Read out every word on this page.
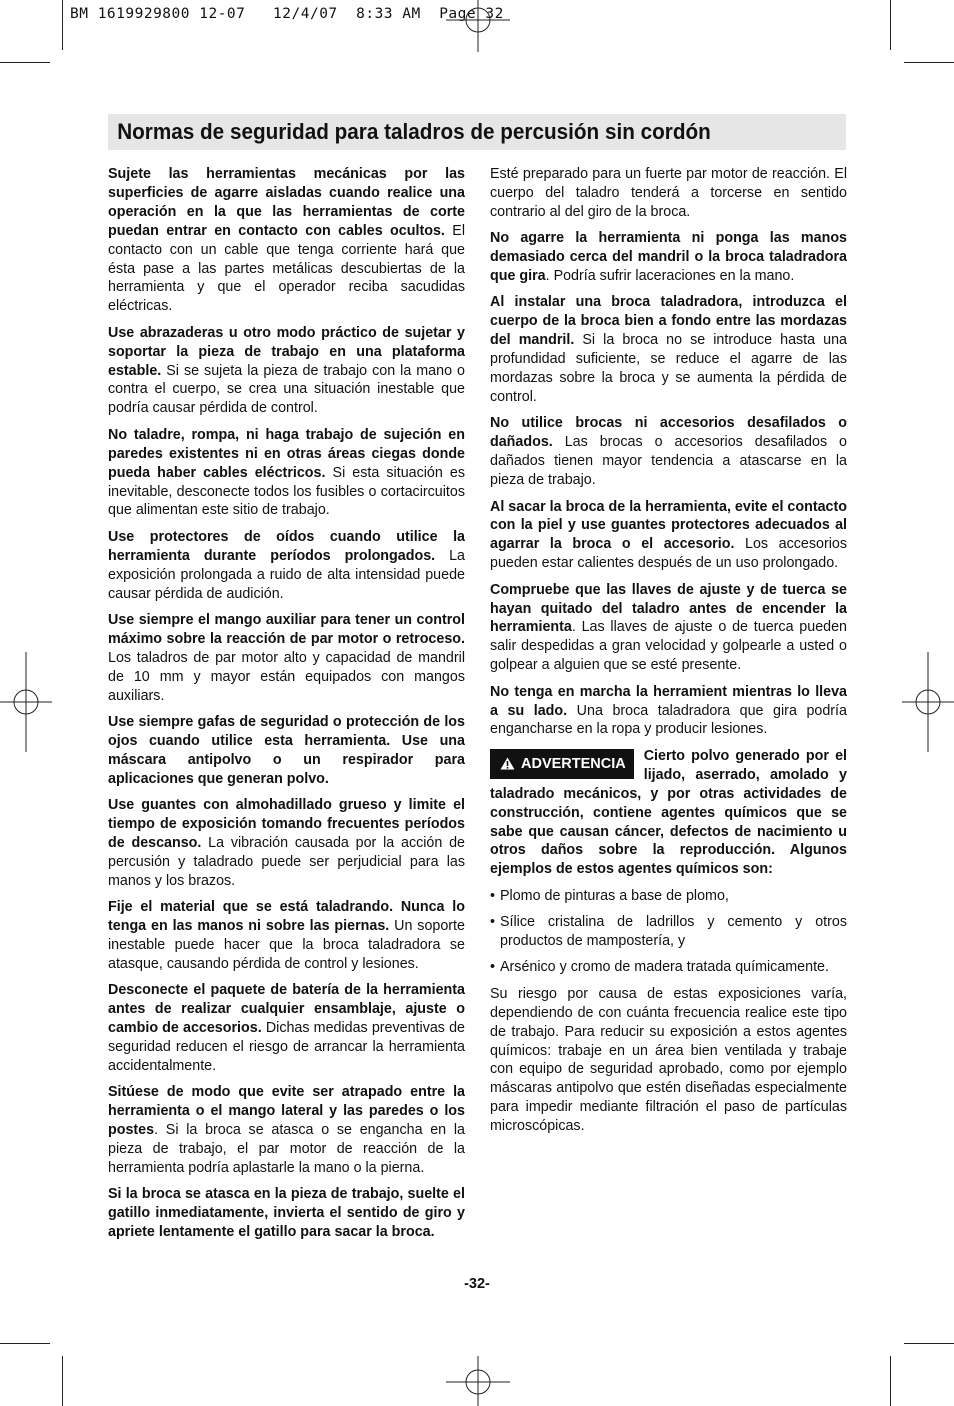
BM 1619929800 12-07   12/4/07  8:33 AM  Page 32
Normas de seguridad para taladros de percusión sin cordón

Sujete las herramientas mecánicas por las superficies de agarre aisladas cuando realice una operación en la que las herramientas de corte puedan entrar en contacto con cables ocultos. El contacto con un cable que tenga corriente hará que ésta pase a las partes metálicas descubiertas de la herramienta y que el operador reciba sacudidas eléctricas.

Use abrazaderas u otro modo práctico de sujetar y soportar la pieza de trabajo en una plataforma estable. Si se sujeta la pieza de trabajo con la mano o contra el cuerpo, se crea una situación inestable que podría causar pérdida de control.

No taladre, rompa, ni haga trabajo de sujeción en paredes existentes ni en otras áreas ciegas donde pueda haber cables eléctricos. Si esta situación es inevitable, desconecte todos los fusibles o cortacircuitos que alimentan este sitio de trabajo.

Use protectores de oídos cuando utilice la herramienta durante períodos prolongados. La exposición prolongada a ruido de alta intensidad puede causar pérdida de audición.

Use siempre el mango auxiliar para tener un control máximo sobre la reacción de par motor o retroceso. Los taladros de par motor alto y capacidad de mandril de 10 mm y mayor están equipados con mangos auxiliars.

Use siempre gafas de seguridad o protección de los ojos cuando utilice esta herramienta. Use una máscara antipolvo o un respirador para aplicaciones que generan polvo.

Use guantes con almohadillado grueso y limite el tiempo de exposición tomando frecuentes períodos de descanso. La vibración causada por la acción de percusión y taladrado puede ser perjudicial para las manos y los brazos.

Fije el material que se está taladrando. Nunca lo tenga en las manos ni sobre las piernas. Un soporte inestable puede hacer que la broca taladradora se atasque, causando pérdida de control y lesiones.

Desconecte el paquete de batería de la herramienta antes de realizar cualquier ensamblaje, ajuste o cambio de accesorios. Dichas medidas preventivas de seguridad reducen el riesgo de arrancar la herramienta accidentalmente.

Sitúese de modo que evite ser atrapado entre la herramienta o el mango lateral y las paredes o los postes. Si la broca se atasca o se engancha en la pieza de trabajo, el par motor de reacción de la herramienta podría aplastarle la mano o la pierna.

Si la broca se atasca en la pieza de trabajo, suelte el gatillo inmediatamente, invierta el sentido de giro y apriete lentamente el gatillo para sacar la broca.

Esté preparado para un fuerte par motor de reacción. El cuerpo del taladro tenderá a torcerse en sentido contrario al del giro de la broca.

No agarre la herramienta ni ponga las manos demasiado cerca del mandril o la broca taladradora que gira. Podría sufrir laceraciones en la mano.

Al instalar una broca taladradora, introduzca el cuerpo de la broca bien a fondo entre las mordazas del mandril. Si la broca no se introduce hasta una profundidad suficiente, se reduce el agarre de las mordazas sobre la broca y se aumenta la pérdida de control.

No utilice brocas ni accesorios desafilados o dañados. Las brocas o accesorios desafilados o dañados tienen mayor tendencia a atascarse en la pieza de trabajo.

Al sacar la broca de la herramienta, evite el contacto con la piel y use guantes protectores adecuados al agarrar la broca o el accesorio. Los accesorios pueden estar calientes después de un uso prolongado.

Compruebe que las llaves de ajuste y de tuerca se hayan quitado del taladro antes de encender la herramienta. Las llaves de ajuste o de tuerca pueden salir despedidas a gran velocidad y golpearle a usted o golpear a alguien que se esté presente.

No tenga en marcha la herramient mientras lo lleva a su lado. Una broca taladradora que gira podría engancharse en la ropa y producir lesiones.

ADVERTENCIA Cierto polvo generado por el lijado, aserrado, amolado y taladrado mecánicos, y por otras actividades de construcción, contiene agentes químicos que se sabe que causan cáncer, defectos de nacimiento u otros daños sobre la reproducción. Algunos ejemplos de estos agentes químicos son:
• Plomo de pinturas a base de plomo,
• Sílice cristalina de ladrillos y cemento y otros productos de mampostería, y
• Arsénico y cromo de madera tratada químicamente.

Su riesgo por causa de estas exposiciones varía, dependiendo de con cuánta frecuencia realice este tipo de trabajo. Para reducir su exposición a estos agentes químicos: trabaje en un área bien ventilada y trabaje con equipo de seguridad aprobado, como por ejemplo máscaras antipolvo que estén diseñadas especialmente para impedir mediante filtración el paso de partículas microscópicas.

-32-
